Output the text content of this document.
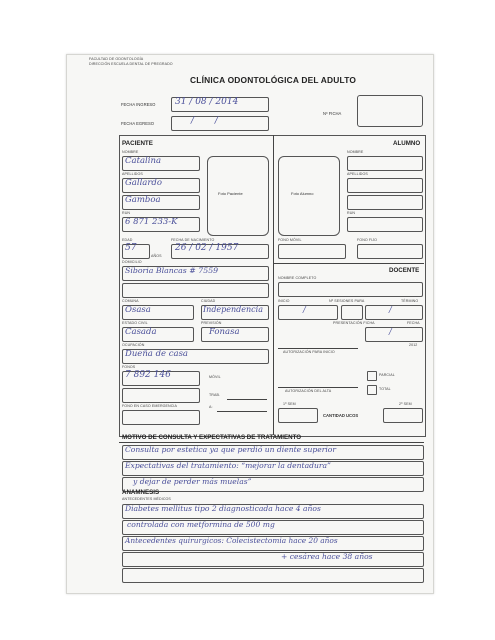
FACULTAD DE ODONTOLOGÍA
DIRECCIÓN ESCUELA DENTAL DE PREGRADO
CLÍNICA ODONTOLÓGICA DEL ADULTO
FECHA INGRESO 31 / 08 / 2014
FECHA EGRESO	/ /
Nº FICHA
PACIENTE
NOMBRE
Catalina
APELLIDOS
Gallardo
Gamboa
RUN
6 871 233-K
Foto Paciente
EDAD
57
AÑOS
FECHA DE NACIMIENTO
26 / 02 / 1957
DOMICILIO
Siboria Blancas # 7559
COMUNA
Osasa
CIUDAD
Independencia
ESTADO CIVIL
Casada
PREVISIÓN
Fonasa
OCUPACIÓN
Dueña de casa
FONOS
7 892 146	MÓVIL
TRAB.
FONO EN CASO EMERGENCIA	A:
ALUMNO
Foto Alumno
NOMBRE
APELLIDOS
RUN
FONO MÓVIL	FONO FIJO
DOCENTE
NOMBRE COMPLETO
INICIO	Nº SESIONES PARA	TÉRMINO
/	/
PRESENTACIÓN FICHA	FECHA
/
2012
AUTORIZACIÓN PARA INICIO
PARCIAL
TOTAL
AUTORIZACIÓN DEL ALTA
1º SEM	2º SEM
CANTIDAD UCOS
MOTIVO DE CONSULTA Y EXPECTATIVAS DE TRATAMIENTO
Consulta por estetica ya que perdió un diente superior
Expectativas del tratamiento: “mejorar la dentadura”
y dejar de perder más muelas”
ANAMNESIS
ANTECEDENTES MÉDICOS
Diabetes mellitus tipo 2 diagnosticada hace 4 años
controlada con metformina de 500 mg
Antecedentes quirurgicos: Colecistectomia hace 20 años
+ cesárea hace 38 años
